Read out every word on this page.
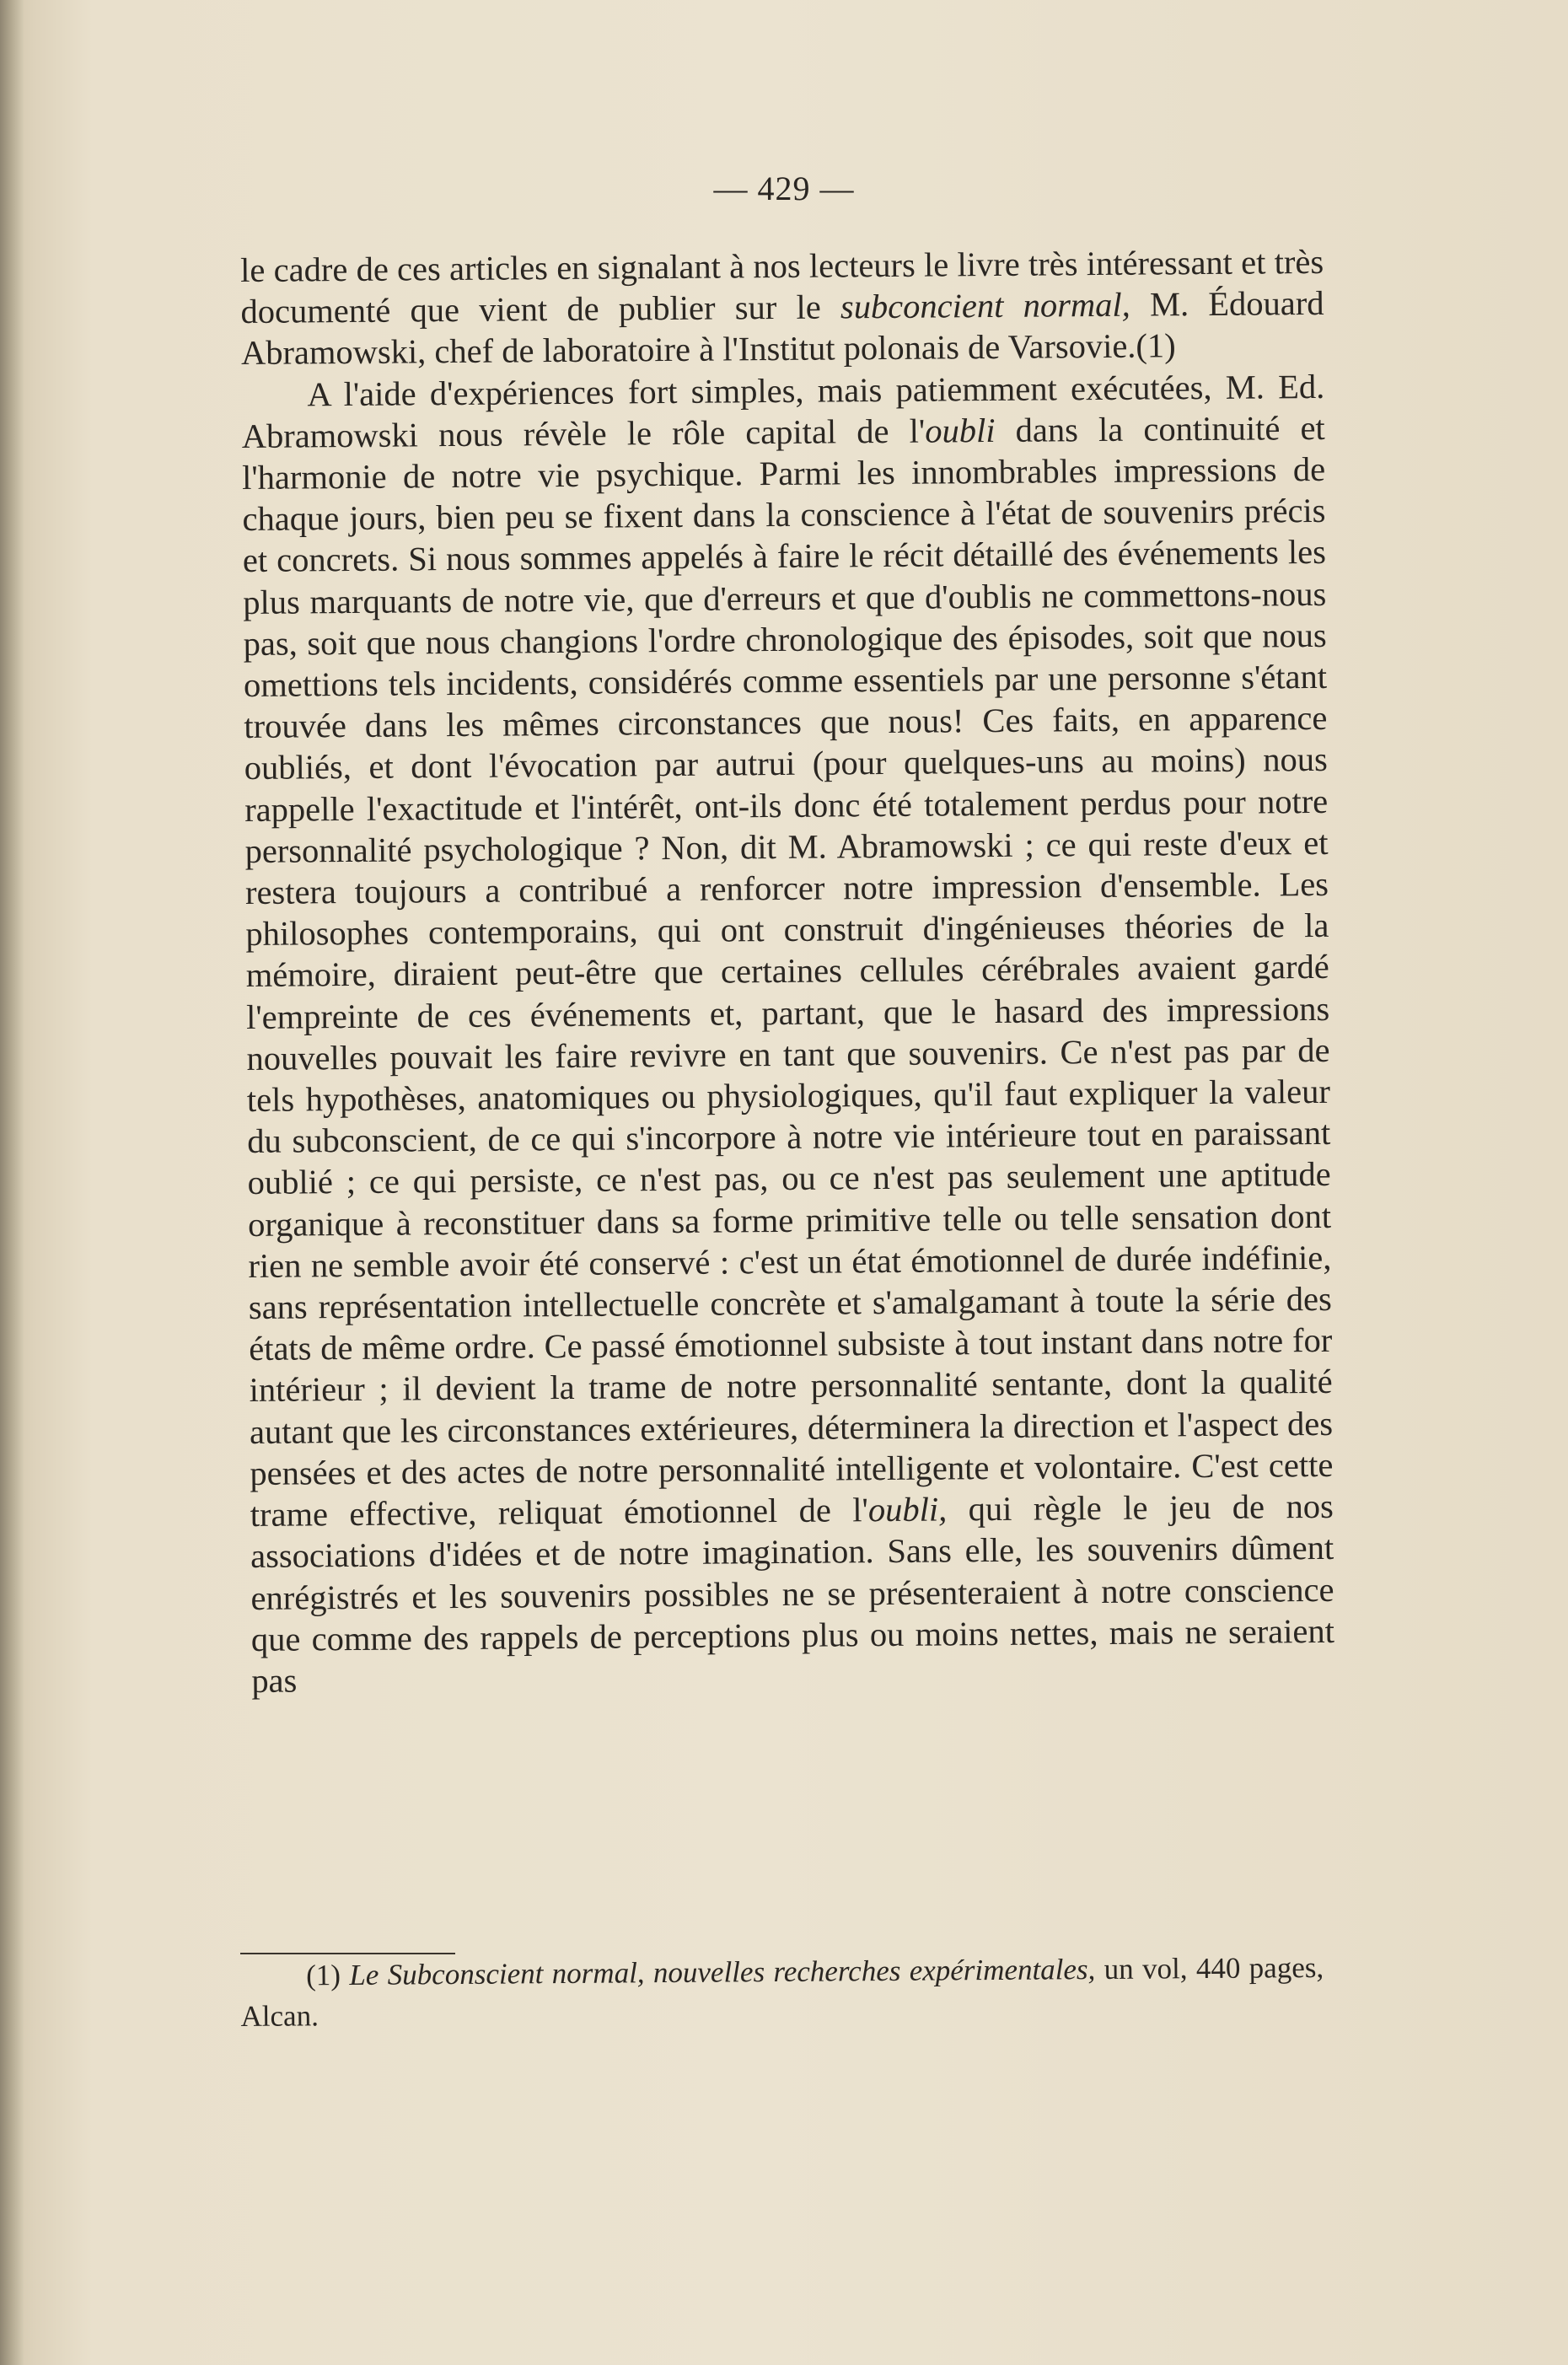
— 429 —

le cadre de ces articles en signalant à nos lecteurs le livre très intéressant et très documenté que vient de publier sur le subconcient normal, M. Édouard Abramowski, chef de laboratoire à l'Institut polonais de Varsovie.(1)

A l'aide d'expériences fort simples, mais patiemment exécutées, M. Ed. Abramowski nous révèle le rôle capital de l'oubli dans la continuité et l'harmonie de notre vie psychique. Parmi les innombrables impressions de chaque jours, bien peu se fixent dans la conscience à l'état de souvenirs précis et concrets. Si nous sommes appelés à faire le récit détaillé des événements les plus marquants de notre vie, que d'erreurs et que d'oublis ne commettons-nous pas, soit que nous changions l'ordre chronologique des épisodes, soit que nous omettions tels incidents, considérés comme essentiels par une personne s'étant trouvée dans les mêmes circonstances que nous! Ces faits, en apparence oubliés, et dont l'évocation par autrui (pour quelques-uns au moins) nous rappelle l'exactitude et l'intérêt, ont-ils donc été totalement perdus pour notre personnalité psychologique ? Non, dit M. Abramowski ; ce qui reste d'eux et restera toujours a contribué a renforcer notre impression d'ensemble. Les philosophes contemporains, qui ont construit d'ingénieuses théories de la mémoire, diraient peut-être que certaines cellules cérébrales avaient gardé l'empreinte de ces événements et, partant, que le hasard des impressions nouvelles pouvait les faire revivre en tant que souvenirs. Ce n'est pas par de tels hypothèses, anatomiques ou physiologiques, qu'il faut expliquer la valeur du subconscient, de ce qui s'incorpore à notre vie intérieure tout en paraissant oublié ; ce qui persiste, ce n'est pas, ou ce n'est pas seulement une aptitude organique à reconstituer dans sa forme primitive telle ou telle sensation dont rien ne semble avoir été conservé : c'est un état émotionnel de durée indéfinie, sans représentation intellectuelle concrète et s'amalgamant à toute la série des états de même ordre. Ce passé émotionnel subsiste à tout instant dans notre for intérieur ; il devient la trame de notre personnalité sentante, dont la qualité autant que les circonstances extérieures, déterminera la direction et l'aspect des pensées et des actes de notre personnalité intelligente et volontaire. C'est cette trame effective, reliquat émotionnel de l'oubli, qui règle le jeu de nos associations d'idées et de notre imagination. Sans elle, les souvenirs dûment enrégistrés et les souvenirs possibles ne se présenteraient à notre conscience que comme des rappels de perceptions plus ou moins nettes, mais ne seraient pas

(1) Le Subconscient normal, nouvelles recherches expérimentales, un vol, 440 pages, Alcan.
